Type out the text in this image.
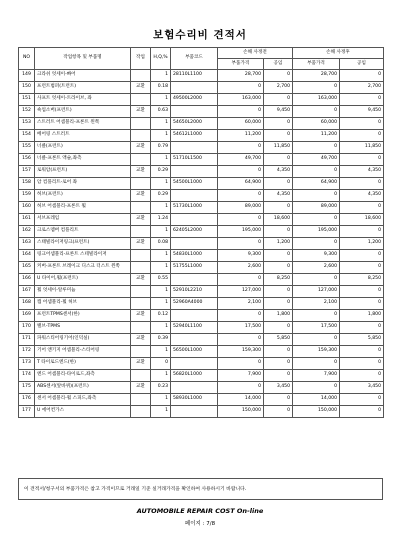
보험수리비 견적서
NO	작업항목 및 부품명	작업	H,Q,%	부품코드	손해 사정전		손해 사정후	
					부품가격	공임	부품가격	공임
149	크라쉬 엇세이-빠어		1	28110L1100	28,700	0	28,700	0
150	프런트범퍼(트런트)	교환	0.18		0	2,700	0	2,700
151	사프트 엇세이-트라이브, 좌		1	49500L2000	163,000	0	163,000	0
152	쇽업소버(프런트)	교환	0.63		0	9,450	0	9,450
153	스트러트 어셈블리-프론트 왼쪽		1	54650L2000	60,000	0	60,000	0
154	베어링 스트러트		1	54612L1000	11,200	0	11,200	0
155	너클(프런트)	교환	0.79		0	11,850	0	11,850
156	너클-프론트 액슬,좌측		1	51710L1500	49,700	0	49,700	0
157	로워암(프런트)	교환	0.29		0	4,350	0	4,350
158	암 컴플리트-로어 좌		1	54500L1000	64,900	0	64,900	0
159	허브(프런트)	교환	0.29		0	4,350	0	4,350
160	허브 어셈블리-프론트 휠		1	51730L1000	89,000	0	89,000	0
161	서브프레임	교환	1.24		0	18,600	0	18,600
162	크로스멤버 컴플리트		1	62405L2000	195,000	0	195,000	0
163	스태빌라이저링크(프런트)	교환	0.08		0	1,200	0	1,200
164	링크어셈블리-프론트 스테빌라이저		1	54830L1000	9,300	0	9,300	0
165	커버-프론트 브레이크 디스크 더스트 왼쪽		1	51755L1000	2,600	0	2,600	0
166	U 타이어,휠(프런트)	교환	0.55		0	8,250	0	8,250
167	휠 엇세이-알루미늄		1	52910L2210	127,000	0	127,000	0
168	캡 어셈블리-휠 허브		1	52960A4000	2,100	0	2,100	0
169	프런트TPMS센서(한)	교환	0.12		0	1,800	0	1,800
170	밸브-TPMS		1	52940L1100	17,500	0	17,500	0
171	파워스티어링기어(인덕실)	교환	0.39		0	5,850	0	5,850
172	기어 앤기지 어셈블리-스티어링		1	56500L1000	159,300	0	159,300	0
173	T 타이로드엔드(한)	교환	0		0	0	0	0
174	엔드 어셈블리-타이로드,좌측		1	56820L1000	7,900	0	7,900	0
175	ABS센서(앞바퀴)(프런트)	교환	0.23		0	3,450	0	3,450
176	센서 어셈블리-휠 스피드,좌측		1	58930L1000	14,000	0	14,000	0
177	U 에어컨가스		1		150,000	0	150,000	0
이 견적서/청구서의 부품가격은 참고 가격이므로 거래일 기준 실거래가격을 확인하여 사용하시기 바랍니다.
AUTOMOBILE REPAIR COST On-line
페이지 : 7/8
